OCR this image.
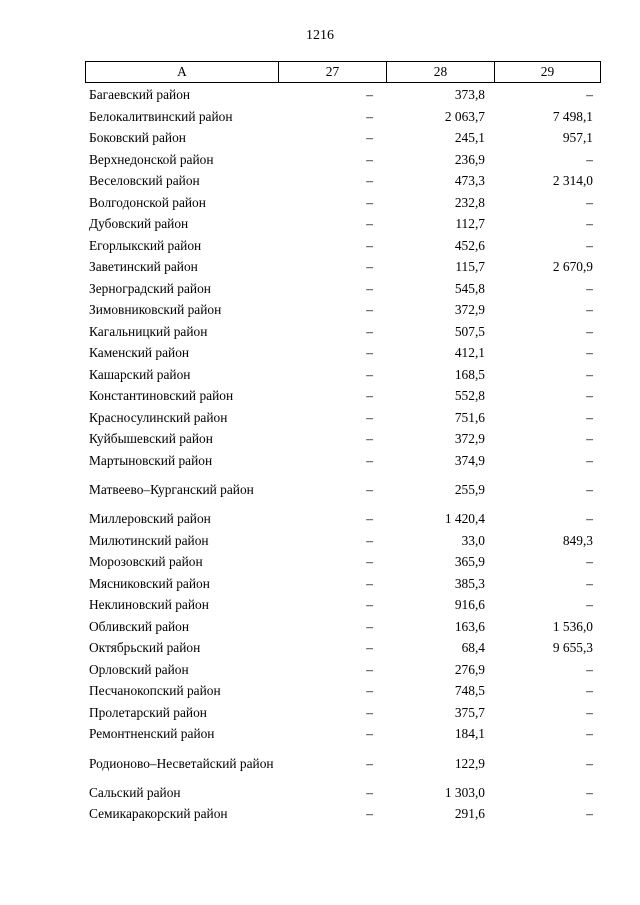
1216
А	27	28	29
Багаевский район	–	373,8	–
Белокалитвинский район	–	2 063,7	7 498,1
Боковский район	–	245,1	957,1
Верхнедонской район	–	236,9	–
Веселовский район	–	473,3	2 314,0
Волгодонской район	–	232,8	–
Дубовский район	–	112,7	–
Егорлыкский район	–	452,6	–
Заветинский район	–	115,7	2 670,9
Зерноградский район	–	545,8	–
Зимовниковский район	–	372,9	–
Кагальницкий район	–	507,5	–
Каменский район	–	412,1	–
Кашарский район	–	168,5	–
Константиновский район	–	552,8	–
Красносулинский район	–	751,6	–
Куйбышевский район	–	372,9	–
Мартыновский район	–	374,9	–
Матвеево–Курганский район	–	255,9	–
Миллеровский район	–	1 420,4	–
Милютинский район	–	33,0	849,3
Морозовский район	–	365,9	–
Мясниковский район	–	385,3	–
Неклиновский район	–	916,6	–
Обливский район	–	163,6	1 536,0
Октябрьский район	–	68,4	9 655,3
Орловский район	–	276,9	–
Песчанокопский район	–	748,5	–
Пролетарский район	–	375,7	–
Ремонтненский район	–	184,1	–
Родионово–Несветайский район	–	122,9	–
Сальский район	–	1 303,0	–
Семикаракорский район	–	291,6	–
